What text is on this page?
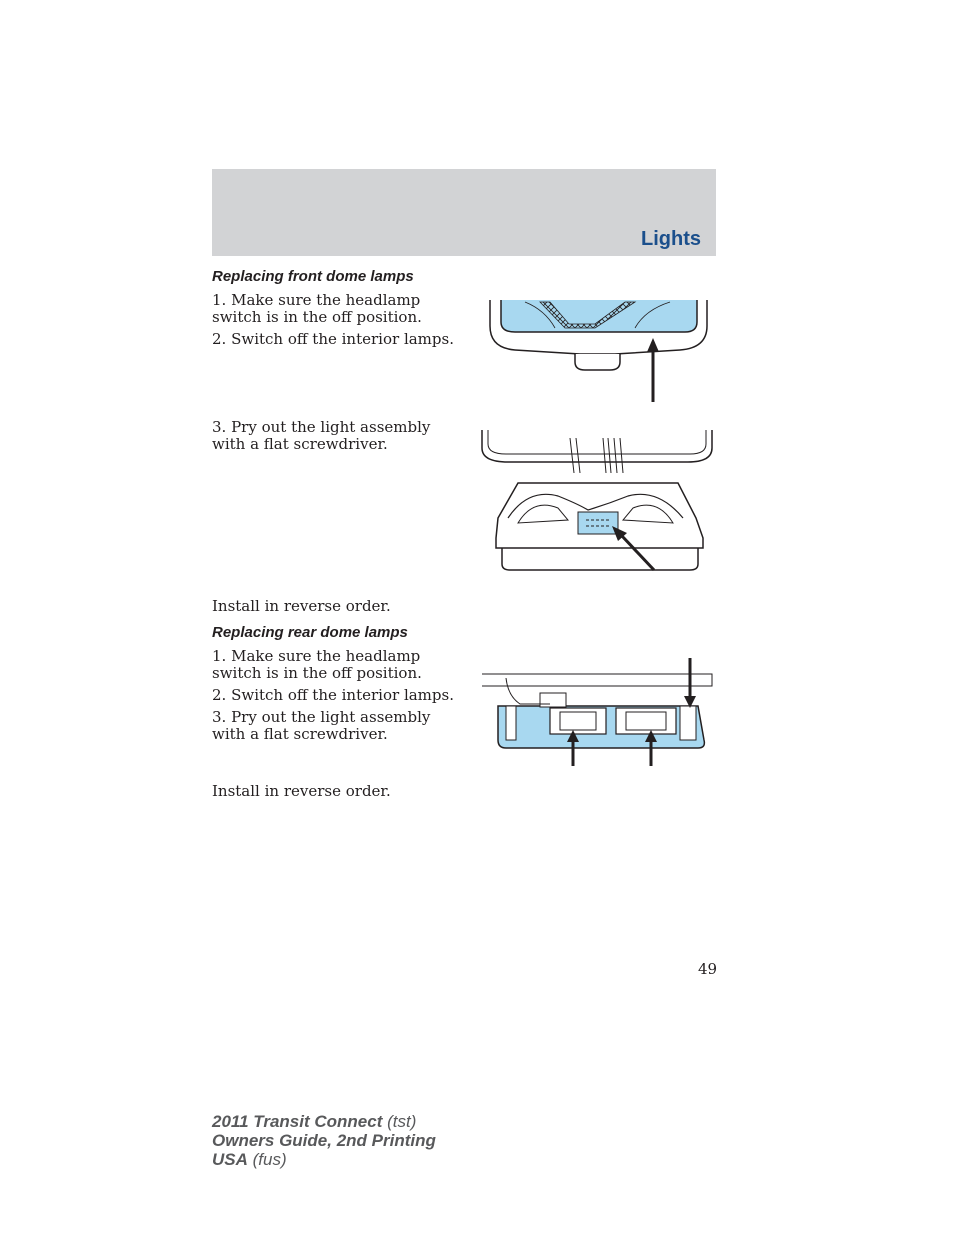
Lights
Replacing front dome lamps

1. Make sure the headlamp switch is in the off position.

2. Switch off the interior lamps.

3. Pry out the light assembly with a flat screwdriver.

Install in reverse order.

Replacing rear dome lamps

1. Make sure the headlamp switch is in the off position.

2. Switch off the interior lamps.

3. Pry out the light assembly with a flat screwdriver.

Install in reverse order.

49
2011 Transit Connect (tst)
Owners Guide, 2nd Printing
USA (fus)
